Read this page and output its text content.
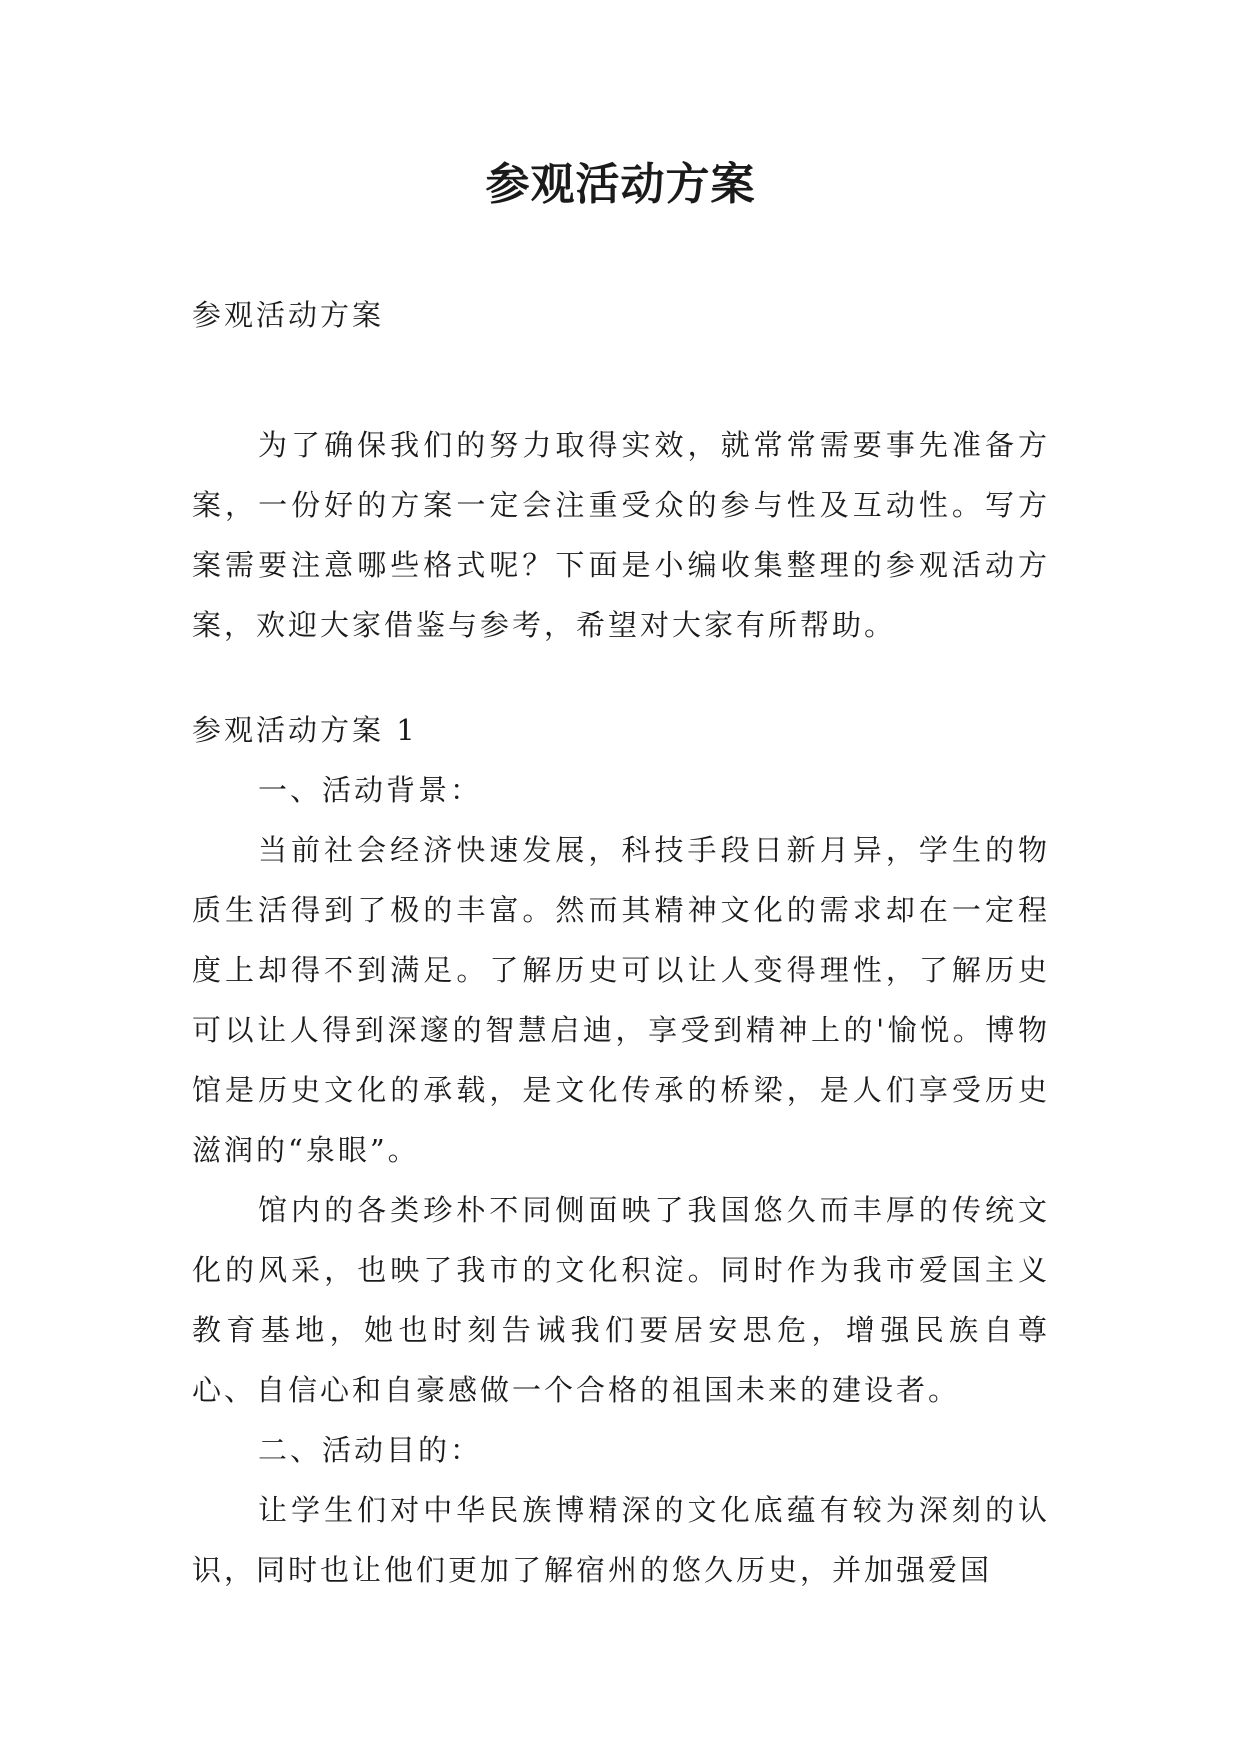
参观活动方案
参观活动方案
为了确保我们的努力取得实效，就常常需要事先准备方案，一份好的方案一定会注重受众的参与性及互动性。写方案需要注意哪些格式呢？下面是小编收集整理的参观活动方案，欢迎大家借鉴与参考，希望对大家有所帮助。
参观活动方案 1

一、活动背景：

当前社会经济快速发展，科技手段日新月异，学生的物质生活得到了极的丰富。然而其精神文化的需求却在一定程度上却得不到满足。了解历史可以让人变得理性，了解历史可以让人得到深邃的智慧启迪，享受到精神上的'愉悦。博物馆是历史文化的承载，是文化传承的桥梁，是人们享受历史滋润的“泉眼”。

馆内的各类珍朴不同侧面映了我国悠久而丰厚的传统文化的风采，也映了我市的文化积淀。同时作为我市爱国主义教育基地，她也时刻告诫我们要居安思危，增强民族自尊心、自信心和自豪感做一个合格的祖国未来的建设者。

二、活动目的：

让学生们对中华民族博精深的文化底蕴有较为深刻的认识，同时也让他们更加了解宿州的悠久历史，并加强爱国
